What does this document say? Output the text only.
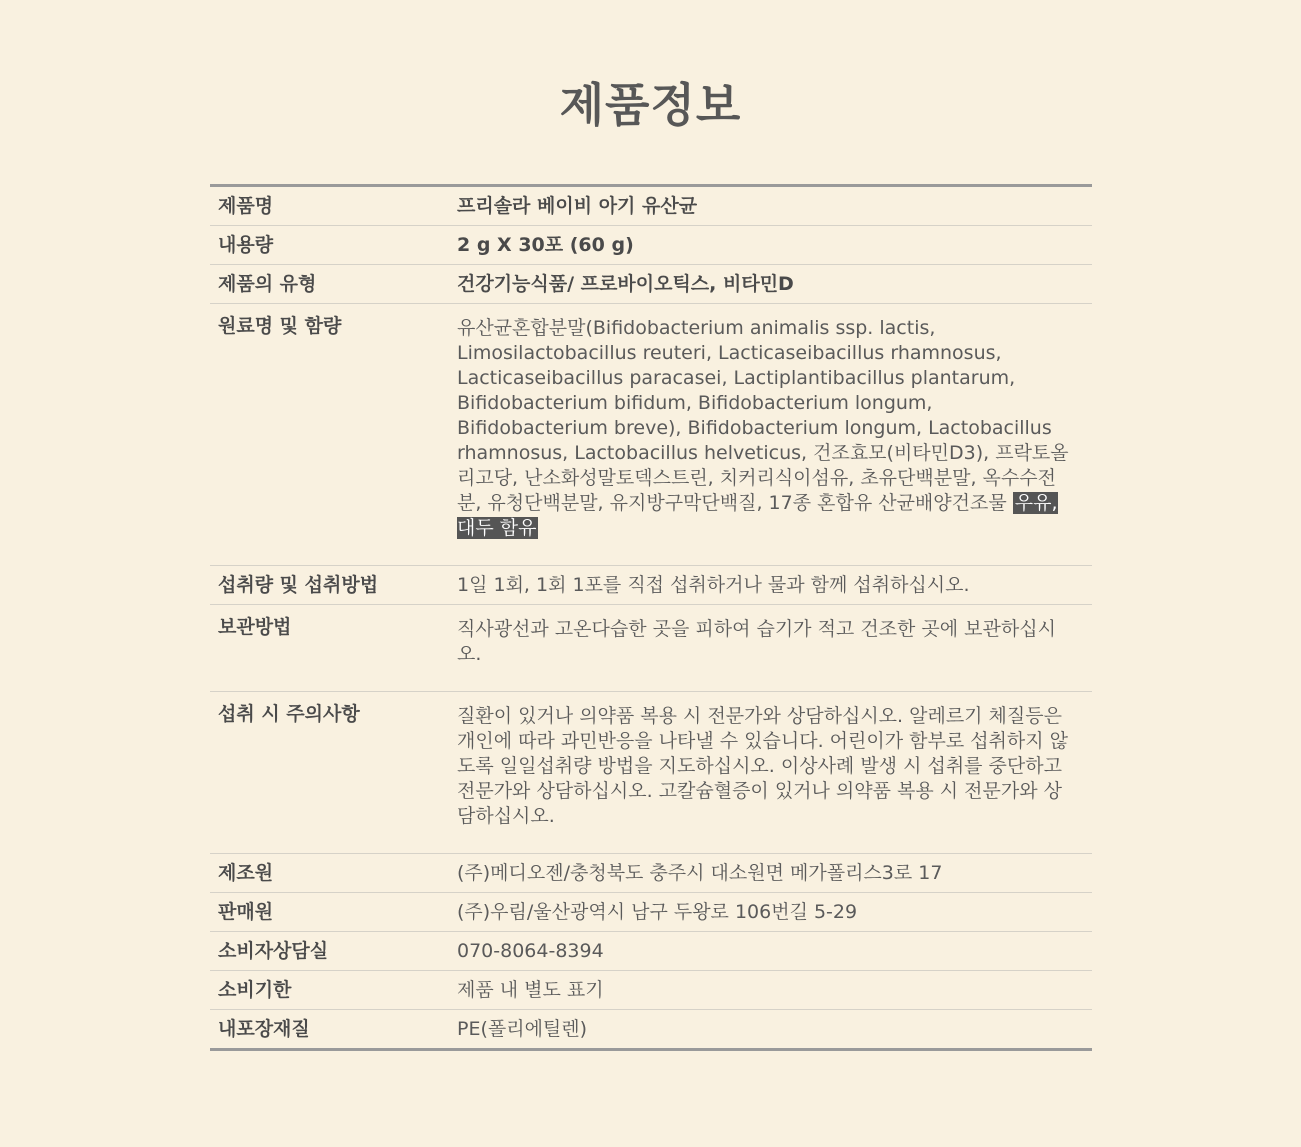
제품정보
제품명	프리솔라 베이비 아기 유산균
내용량	2 g X 30포 (60 g)
제품의 유형	건강기능식품/ 프로바이오틱스, 비타민D
원료명 및 함량	유산균혼합분말(Bifidobacterium animalis ssp. lactis, Limosilactobacillus reuteri, Lacticaseibacillus rhamnosus, Lacticaseibacillus paracasei, Lactiplantibacillus plantarum, Bifidobacterium bifidum, Bifidobacterium longum, Bifidobacterium breve), Bifidobacterium longum, Lactobacillus rhamnosus, Lactobacillus helveticus, 건조효모(비타민D3), 프락토올리고당, 난소화성말토덱스트린, 치커리식이섬유, 초유단백분말, 옥수수전분, 유청단백분말, 유지방구막단백질, 17종 혼합유 산균배양건조물 우유, 대두 함유
섭취량 및 섭취방법	1일 1회, 1회 1포를 직접 섭취하거나 물과 함께 섭취하십시오.
보관방법	직사광선과 고온다습한 곳을 피하여 습기가 적고 건조한 곳에 보관하십시오.
섭취 시 주의사항	질환이 있거나 의약품 복용 시 전문가와 상담하십시오. 알레르기 체질등은 개인에 따라 과민반응을 나타낼 수 있습니다. 어린이가 함부로 섭취하지 않도록 일일섭취량 방법을 지도하십시오. 이상사례 발생 시 섭취를 중단하고 전문가와 상담하십시오. 고칼슘혈증이 있거나 의약품 복용 시 전문가와 상담하십시오.
제조원	(주)메디오젠/충청북도 충주시 대소원면 메가폴리스3로 17
판매원	(주)우림/울산광역시 남구 두왕로 106번길 5-29
소비자상담실	070-8064-8394
소비기한	제품 내 별도 표기
내포장재질	PE(폴리에틸렌)
